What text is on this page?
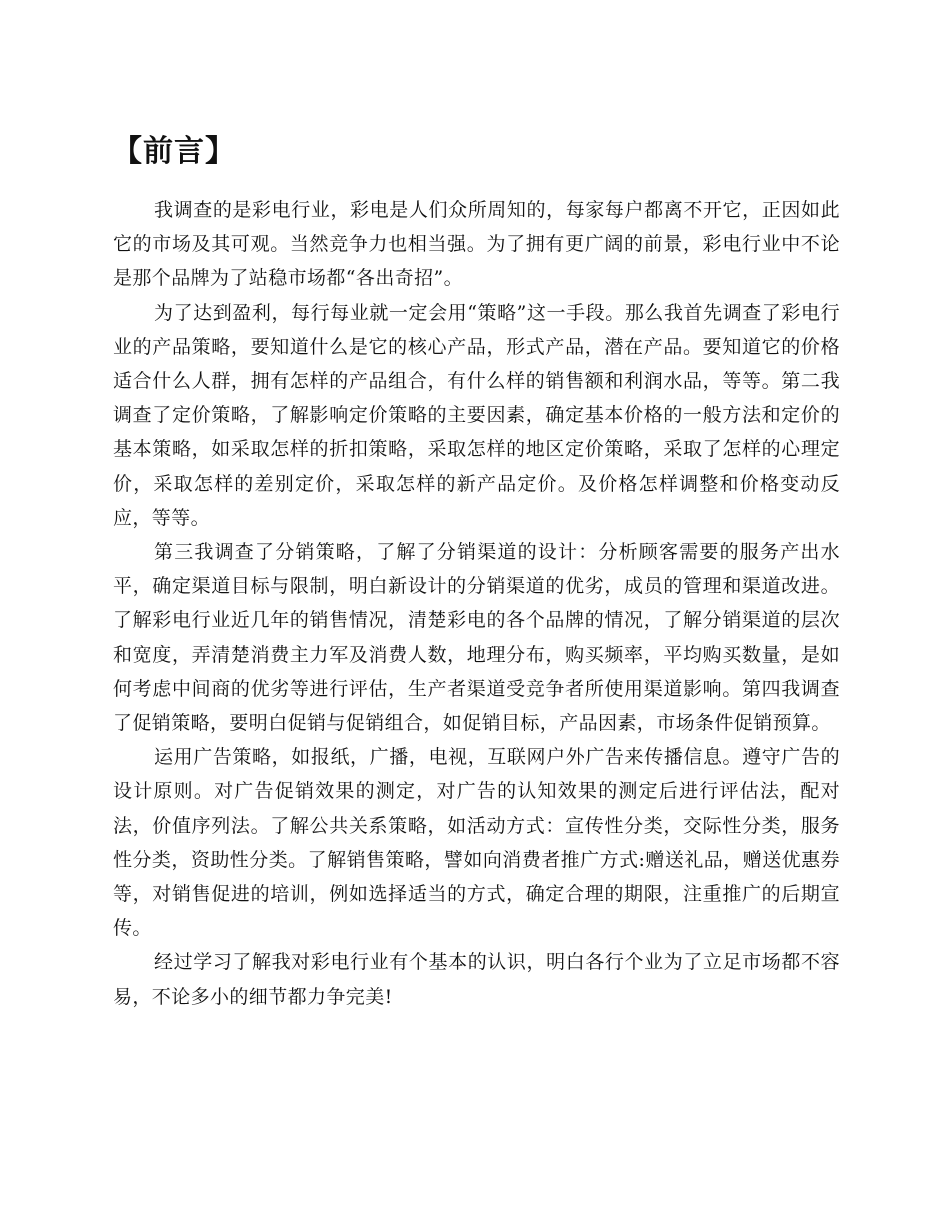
【前言】

我调查的是彩电行业，彩电是人们众所周知的，每家每户都离不开它，正因如此它的市场及其可观。当然竞争力也相当强。为了拥有更广阔的前景，彩电行业中不论是那个品牌为了站稳市场都“各出奇招”。

为了达到盈利，每行每业就一定会用“策略”这一手段。那么我首先调查了彩电行业的产品策略，要知道什么是它的核心产品，形式产品，潜在产品。要知道它的价格适合什么人群，拥有怎样的产品组合，有什么样的销售额和利润水品，等等。第二我调查了定价策略，了解影响定价策略的主要因素，确定基本价格的一般方法和定价的基本策略，如采取怎样的折扣策略，采取怎样的地区定价策略，采取了怎样的心理定价，采取怎样的差别定价，采取怎样的新产品定价。及价格怎样调整和价格变动反应，等等。

第三我调查了分销策略，了解了分销渠道的设计：分析顾客需要的服务产出水平，确定渠道目标与限制，明白新设计的分销渠道的优劣，成员的管理和渠道改进。了解彩电行业近几年的销售情况，清楚彩电的各个品牌的情况，了解分销渠道的层次和宽度，弄清楚消费主力军及消费人数，地理分布，购买频率，平均购买数量，是如何考虑中间商的优劣等进行评估，生产者渠道受竞争者所使用渠道影响。第四我调查了促销策略，要明白促销与促销组合，如促销目标，产品因素，市场条件促销预算。

运用广告策略，如报纸，广播，电视，互联网户外广告来传播信息。遵守广告的设计原则。对广告促销效果的测定，对广告的认知效果的测定后进行评估法，配对法，价值序列法。了解公共关系策略，如活动方式：宣传性分类，交际性分类，服务性分类，资助性分类。了解销售策略，譬如向消费者推广方式:赠送礼品，赠送优惠券等，对销售促进的培训，例如选择适当的方式，确定合理的期限，注重推广的后期宣传。

经过学习了解我对彩电行业有个基本的认识，明白各行个业为了立足市场都不容易，不论多小的细节都力争完美!
